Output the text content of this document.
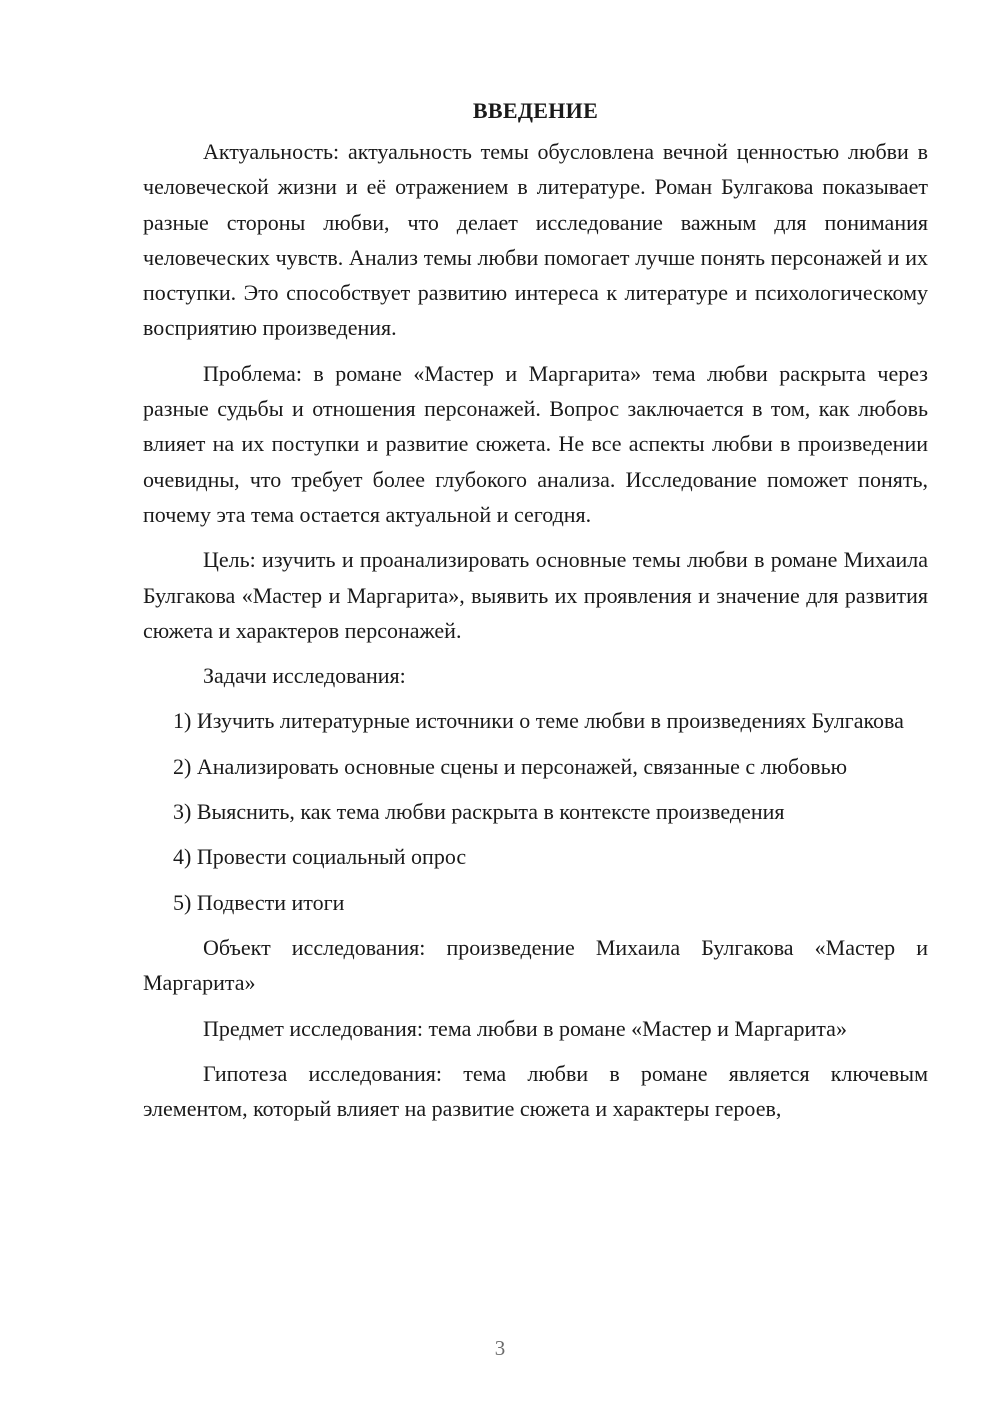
ВВЕДЕНИЕ

Актуальность: актуальность темы обусловлена вечной ценностью любви в человеческой жизни и её отражением в литературе. Роман Булгакова показывает разные стороны любви, что делает исследование важным для понимания человеческих чувств. Анализ темы любви помогает лучше понять персонажей и их поступки. Это способствует развитию интереса к литературе и психологическому восприятию произведения.

Проблема: в романе «Мастер и Маргарита» тема любви раскрыта через разные судьбы и отношения персонажей. Вопрос заключается в том, как любовь влияет на их поступки и развитие сюжета. Не все аспекты любви в произведении очевидны, что требует более глубокого анализа. Исследование поможет понять, почему эта тема остается актуальной и сегодня.

Цель: изучить и проанализировать основные темы любви в романе Михаила Булгакова «Мастер и Маргарита», выявить их проявления и значение для развития сюжета и характеров персонажей.

Задачи исследования:

1) Изучить литературные источники о теме любви в произведениях Булгакова

2) Анализировать основные сцены и персонажей, связанные с любовью

3) Выяснить, как тема любви раскрыта в контексте произведения

4) Провести социальный опрос

5) Подвести итоги

Объект исследования: произведение Михаила Булгакова «Мастер и Маргарита»

Предмет исследования: тема любви в романе «Мастер и Маргарита»

Гипотеза исследования: тема любви в романе является ключевым элементом, который влияет на развитие сюжета и характеры героев,

3
